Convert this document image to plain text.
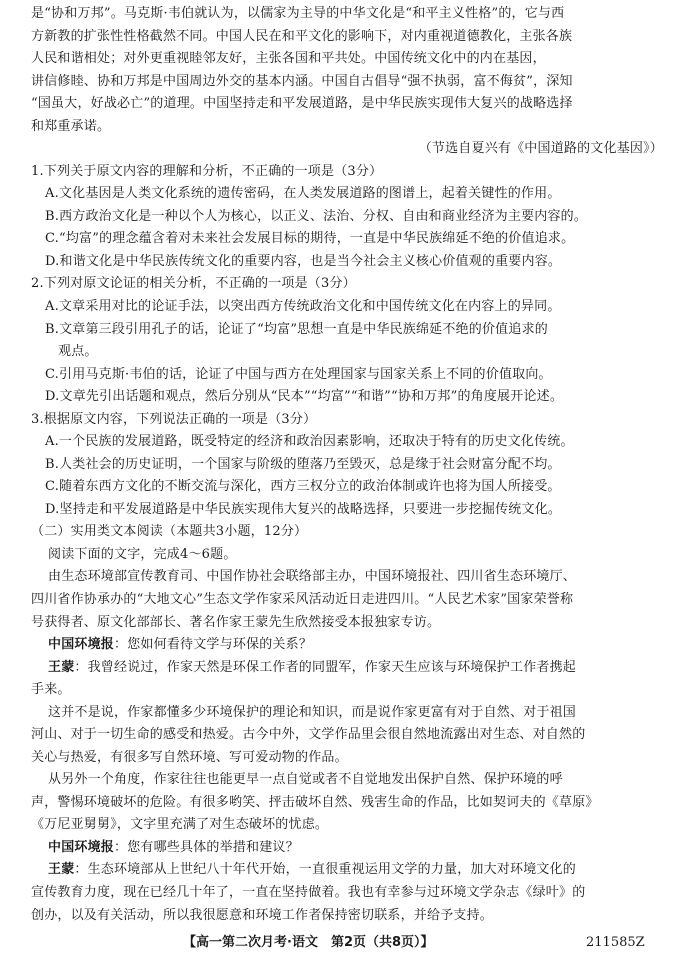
是“协和万邦”。马克斯·韦伯就认为，以儒家为主导的中华文化是“和平主义性格”的，它与西
方新教的扩张性性格截然不同。中国人民在和平文化的影响下，对内重视道德教化，主张各族
人民和谐相处；对外更重视睦邻友好，主张各国和平共处。中国传统文化中的内在基因，
讲信修睦、协和万邦是中国周边外交的基本内涵。中国自古倡导“强不执弱，富不侮贫”，深知
“国虽大，好战必亡”的道理。中国坚持走和平发展道路，是中华民族实现伟大复兴的战略选择
和郑重承诺。
（节选自夏兴有《中国道路的文化基因》）
1.下列关于原文内容的理解和分析，不正确的一项是（3分）
A.文化基因是人类文化系统的遗传密码，在人类发展道路的图谱上，起着关键性的作用。
B.西方政治文化是一种以个人为核心，以正义、法治、分权、自由和商业经济为主要内容的。
C.“均富”的理念蕴含着对未来社会发展目标的期待，一直是中华民族绵延不绝的价值追求。
D.和谐文化是中华民族传统文化的重要内容，也是当今社会主义核心价值观的重要内容。
2.下列对原文论证的相关分析，不正确的一项是（3分）
A.文章采用对比的论证手法，以突出西方传统政治文化和中国传统文化在内容上的异同。
B.文章第三段引用孔子的话，论证了“均富”思想一直是中华民族绵延不绝的价值追求的
观点。
C.引用马克斯·韦伯的话，论证了中国与西方在处理国家与国家关系上不同的价值取向。
D.文章先引出话题和观点，然后分别从“民本”“均富”“和谐”“协和万邦”的角度展开论述。
3.根据原文内容，下列说法正确的一项是（3分）
A.一个民族的发展道路，既受特定的经济和政治因素影响，还取决于特有的历史文化传统。
B.人类社会的历史证明，一个国家与阶级的堕落乃至毁灭，总是缘于社会财富分配不均。
C.随着东西方文化的不断交流与深化，西方三权分立的政治体制或许也将为国人所接受。
D.坚持走和平发展道路是中华民族实现伟大复兴的战略选择，只要进一步挖掘传统文化。
（二）实用类文本阅读（本题共3小题，12分）
阅读下面的文字，完成4～6题。
由生态环境部宣传教育司、中国作协社会联络部主办，中国环境报社、四川省生态环境厅、
四川省作协承办的“大地文心”生态文学作家采风活动近日走进四川。“人民艺术家”国家荣誉称
号获得者、原文化部部长、著名作家王蒙先生欣然接受本报独家专访。
中国环境报：您如何看待文学与环保的关系？
王蒙：我曾经说过，作家天然是环保工作者的同盟军，作家天生应该与环境保护工作者携起
手来。
这并不是说，作家都懂多少环境保护的理论和知识，而是说作家更富有对于自然、对于祖国
河山、对于一切生命的感受和热爱。古今中外，文学作品里会很自然地流露出对生态、对自然的
关心与热爱，有很多写自然环境、写可爱动物的作品。
从另外一个角度，作家往往也能更早一点自觉或者不自觉地发出保护自然、保护环境的呼
声，警惕环境破坏的危险。有很多哟笑、抨击破坏自然、残害生命的作品，比如契诃夫的《草原》
《万尼亚舅舅》，文字里充满了对生态破坏的忧虑。
中国环境报：您有哪些具体的举措和建议？
王蒙：生态环境部从上世纪八十年代开始，一直很重视运用文学的力量，加大对环境文化的
宣传教育力度，现在已经几十年了，一直在坚持做着。我也有幸参与过环境文学杂志《绿叶》的
创办，以及有关活动，所以我很愿意和环境工作者保持密切联系，并给予支持。
【高一第二次月考·语文　第2页（共8页）】	211585Z
